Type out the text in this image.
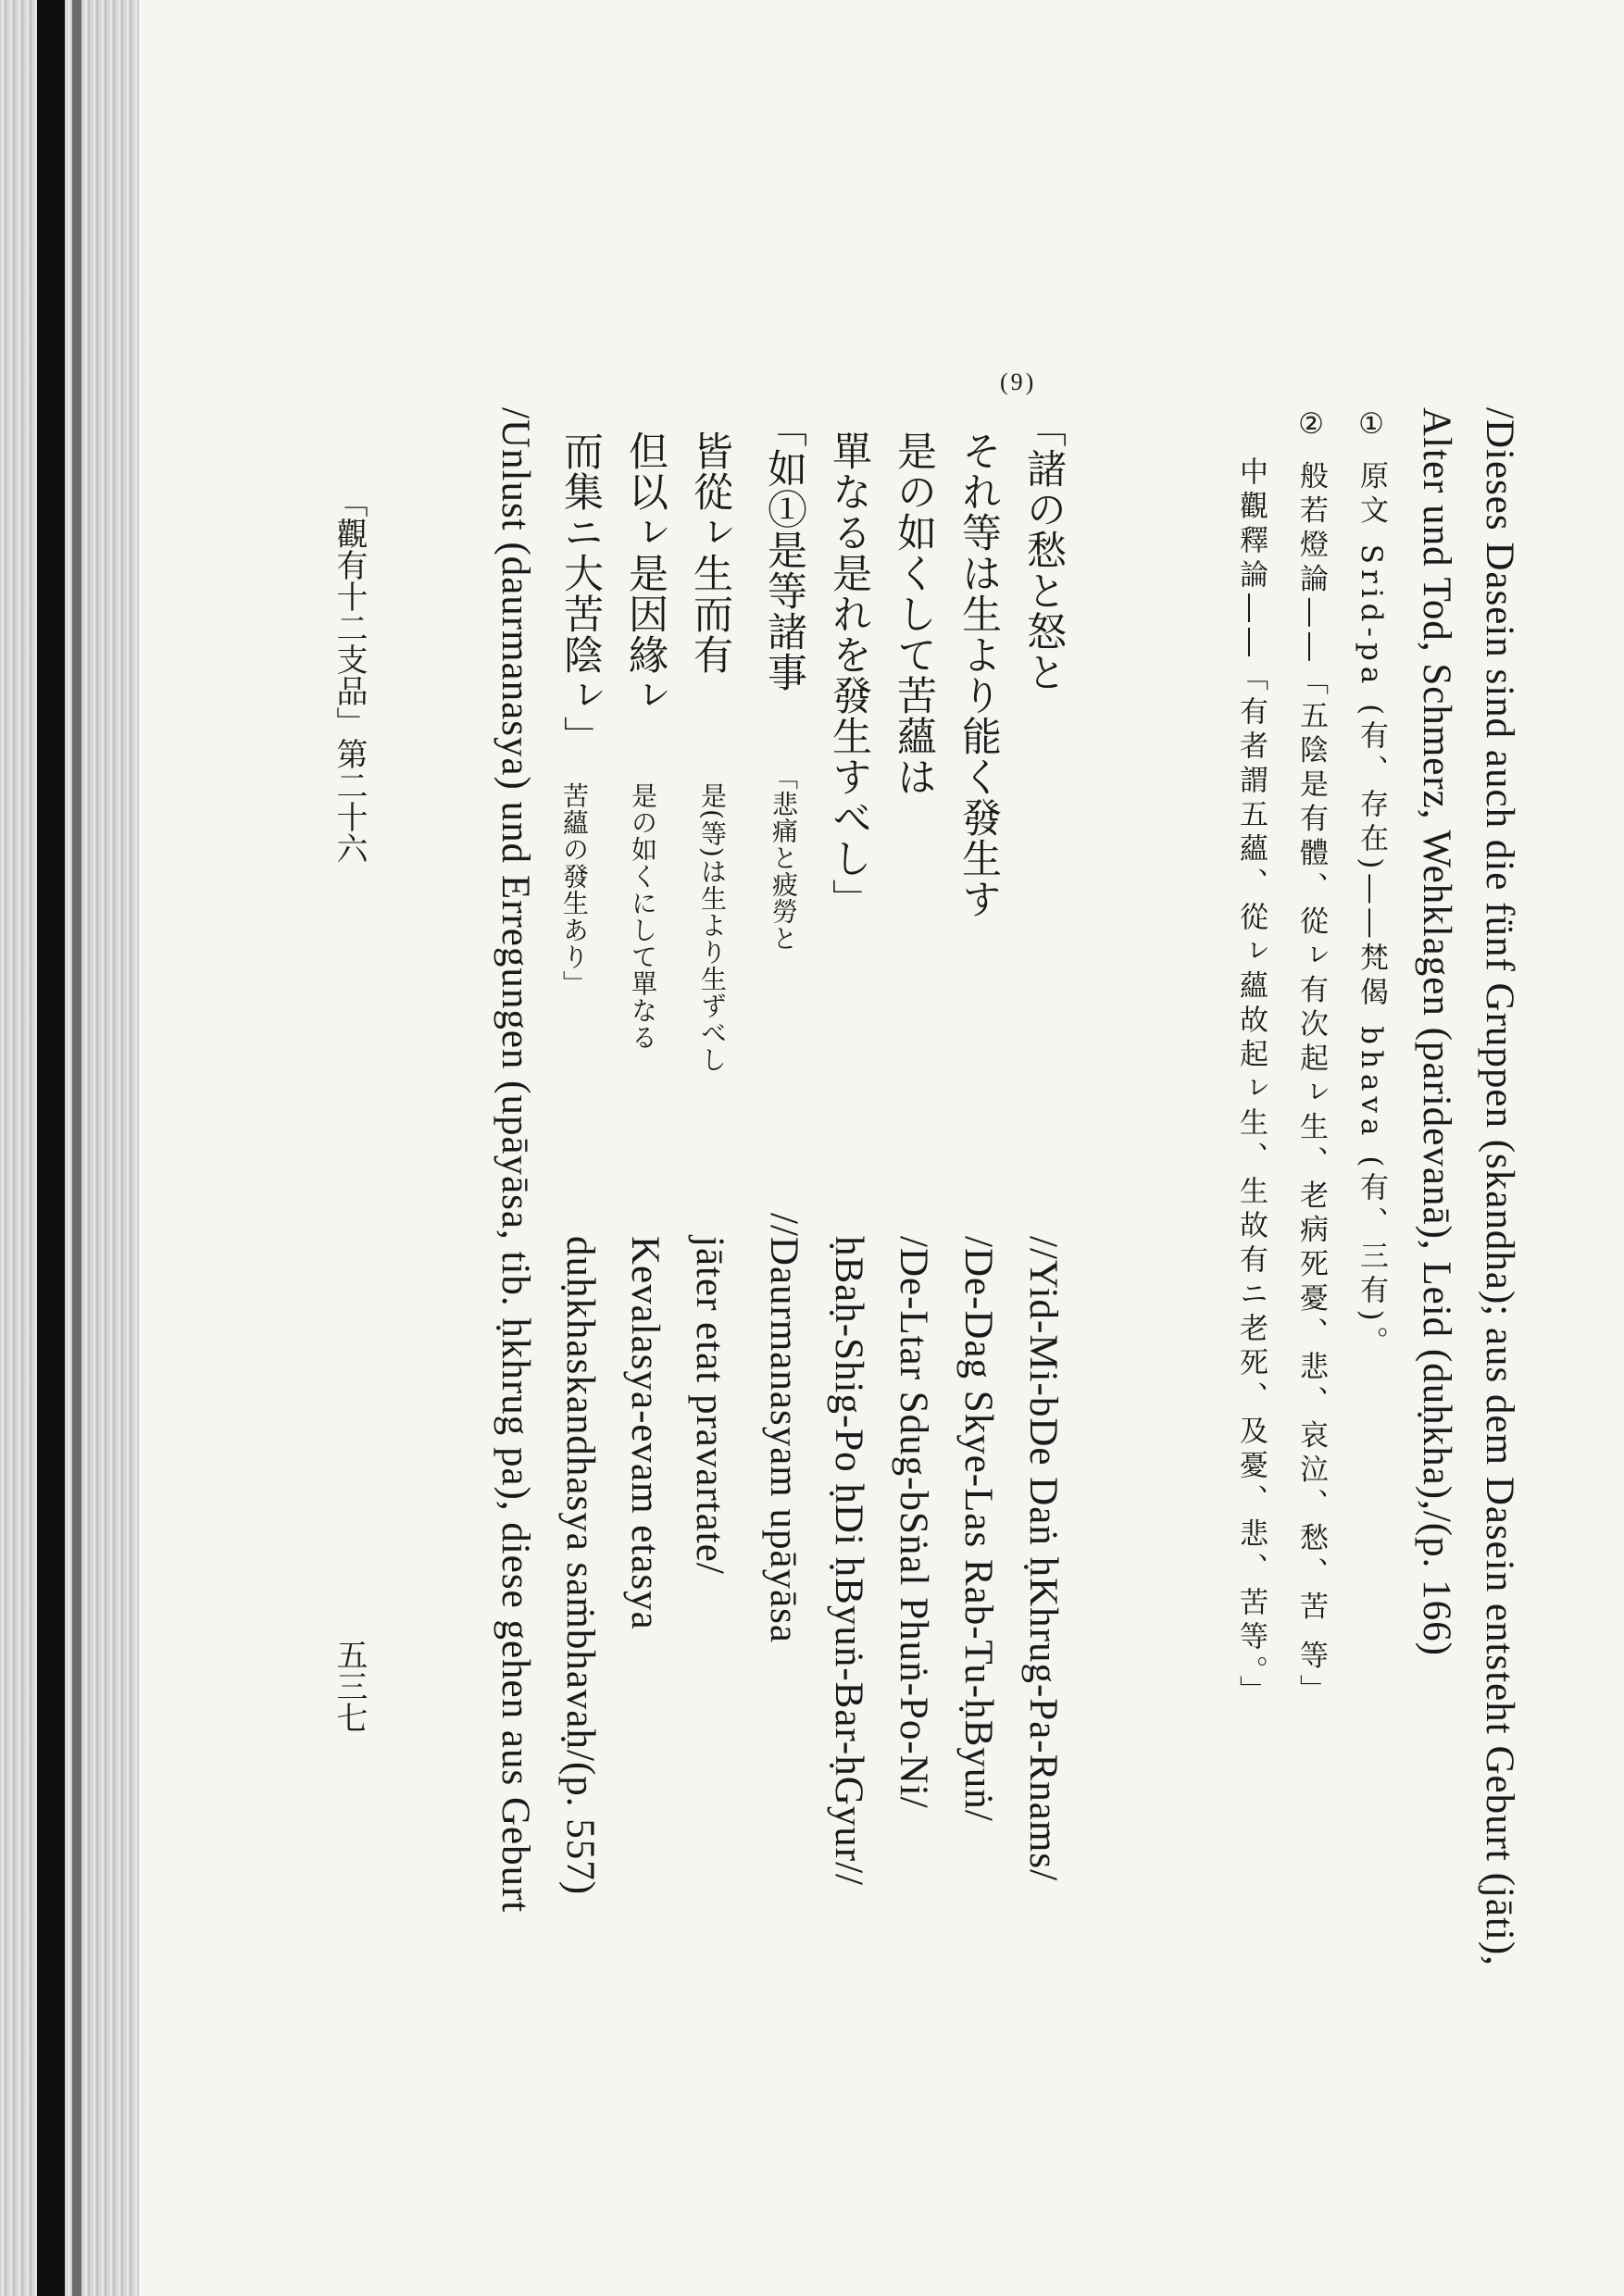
/Dieses Dasein sind auch die fünf Gruppen (skandha); aus dem Dasein entsteht Geburt (jāti),
Alter und Tod, Schmerz, Wehklagen (paridevanā), Leid (duḥkha),/(p. 166)
① 原文 Srid-pa (有、存在)――梵偈 bhava (有、三有)。
② 般若燈論――「五陰是有體、從ㇾ有次起ㇾ生、老病死憂、悲、哀泣、愁、苦 等」
中觀釋論――「有者謂五蘊、從ㇾ蘊故起ㇾ生、生故有ニ老死、及憂、悲、苦等。」
(9)
「諸の愁と怒と
それ等は生より能く發生す
是の如くして苦蘊は
單なる是れを發生すべし」
「如①是等諸事
皆從ㇾ生而有
但以ㇾ是因緣ㇾ
而集ニ大苦陰ㇾ」
「悲痛と疲勞と
是(等)は生より生ずべし
是の如くにして單なる
苦蘊の發生あり」
//Yid-Mi-bDe Daṅ ḥKhrug-Pa-Rnams/
/De-Dag Skye-Las Rab-Tu-ḥByuṅ/
/De-Ltar Sdug-bSṅal Phuṅ-Po-Ni/
ḥBaḥ-Shig-Po ḥDi ḥByuṅ-Bar-ḥGyur//
//Daurmanasyam upāyāsa
jāter etat pravartate/
Kevalasya-evam etasya
duḥkhaskandhasya saṁbhavaḥ/(p. 557)
/Unlust (daurmanasya) und Erregungen (upāyāsa, tib. ḥkhrug pa), diese gehen aus Geburt
「觀有十二支品」第二十六
五三七
